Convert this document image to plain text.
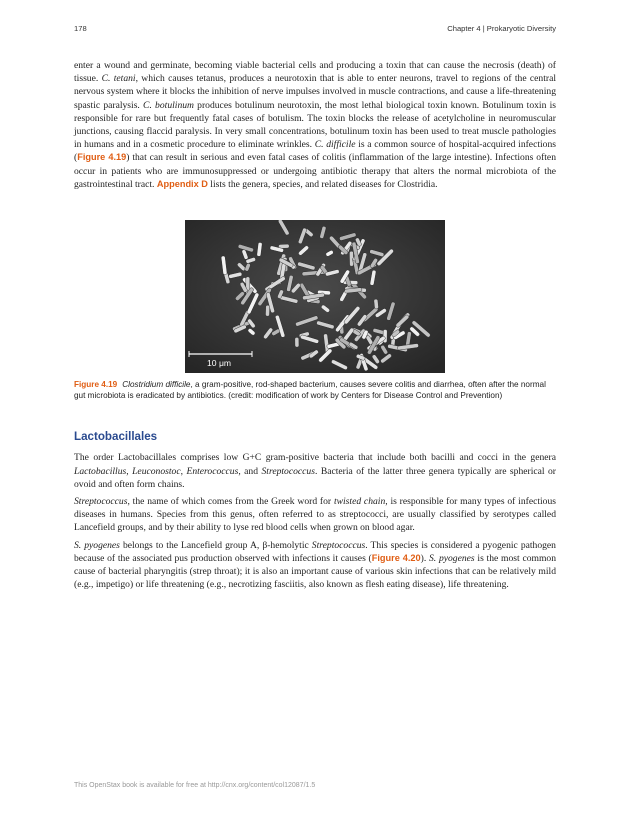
178	Chapter 4 | Prokaryotic Diversity

enter a wound and germinate, becoming viable bacterial cells and producing a toxin that can cause the necrosis (death) of tissue. C. tetani, which causes tetanus, produces a neurotoxin that is able to enter neurons, travel to regions of the central nervous system where it blocks the inhibition of nerve impulses involved in muscle contractions, and cause a life-threatening spastic paralysis. C. botulinum produces botulinum neurotoxin, the most lethal biological toxin known. Botulinum toxin is responsible for rare but frequently fatal cases of botulism. The toxin blocks the release of acetylcholine in neuromuscular junctions, causing flaccid paralysis. In very small concentrations, botulinum toxin has been used to treat muscle pathologies in humans and in a cosmetic procedure to eliminate wrinkles. C. difficile is a common source of hospital-acquired infections (Figure 4.19) that can result in serious and even fatal cases of colitis (inflammation of the large intestine). Infections often occur in patients who are immunosuppressed or undergoing antibiotic therapy that alters the normal microbiota of the gastrointestinal tract. Appendix D lists the genera, species, and related diseases for Clostridia.

10 μm
Figure 4.19 Clostridium difficile, a gram-positive, rod-shaped bacterium, causes severe colitis and diarrhea, often after the normal gut microbiota is eradicated by antibiotics. (credit: modification of work by Centers for Disease Control and Prevention)
Lactobacillales

The order Lactobacillales comprises low G+C gram-positive bacteria that include both bacilli and cocci in the genera Lactobacillus, Leuconostoc, Enterococcus, and Streptococcus. Bacteria of the latter three genera typically are spherical or ovoid and often form chains.

Streptococcus, the name of which comes from the Greek word for twisted chain, is responsible for many types of infectious diseases in humans. Species from this genus, often referred to as streptococci, are usually classified by serotypes called Lancefield groups, and by their ability to lyse red blood cells when grown on blood agar.

S. pyogenes belongs to the Lancefield group A, β-hemolytic Streptococcus. This species is considered a pyogenic pathogen because of the associated pus production observed with infections it causes (Figure 4.20). S. pyogenes is the most common cause of bacterial pharyngitis (strep throat); it is also an important cause of various skin infections that can be relatively mild (e.g., impetigo) or life threatening (e.g., necrotizing fasciitis, also known as flesh eating disease), life threatening.

This OpenStax book is available for free at http://cnx.org/content/col12087/1.5
